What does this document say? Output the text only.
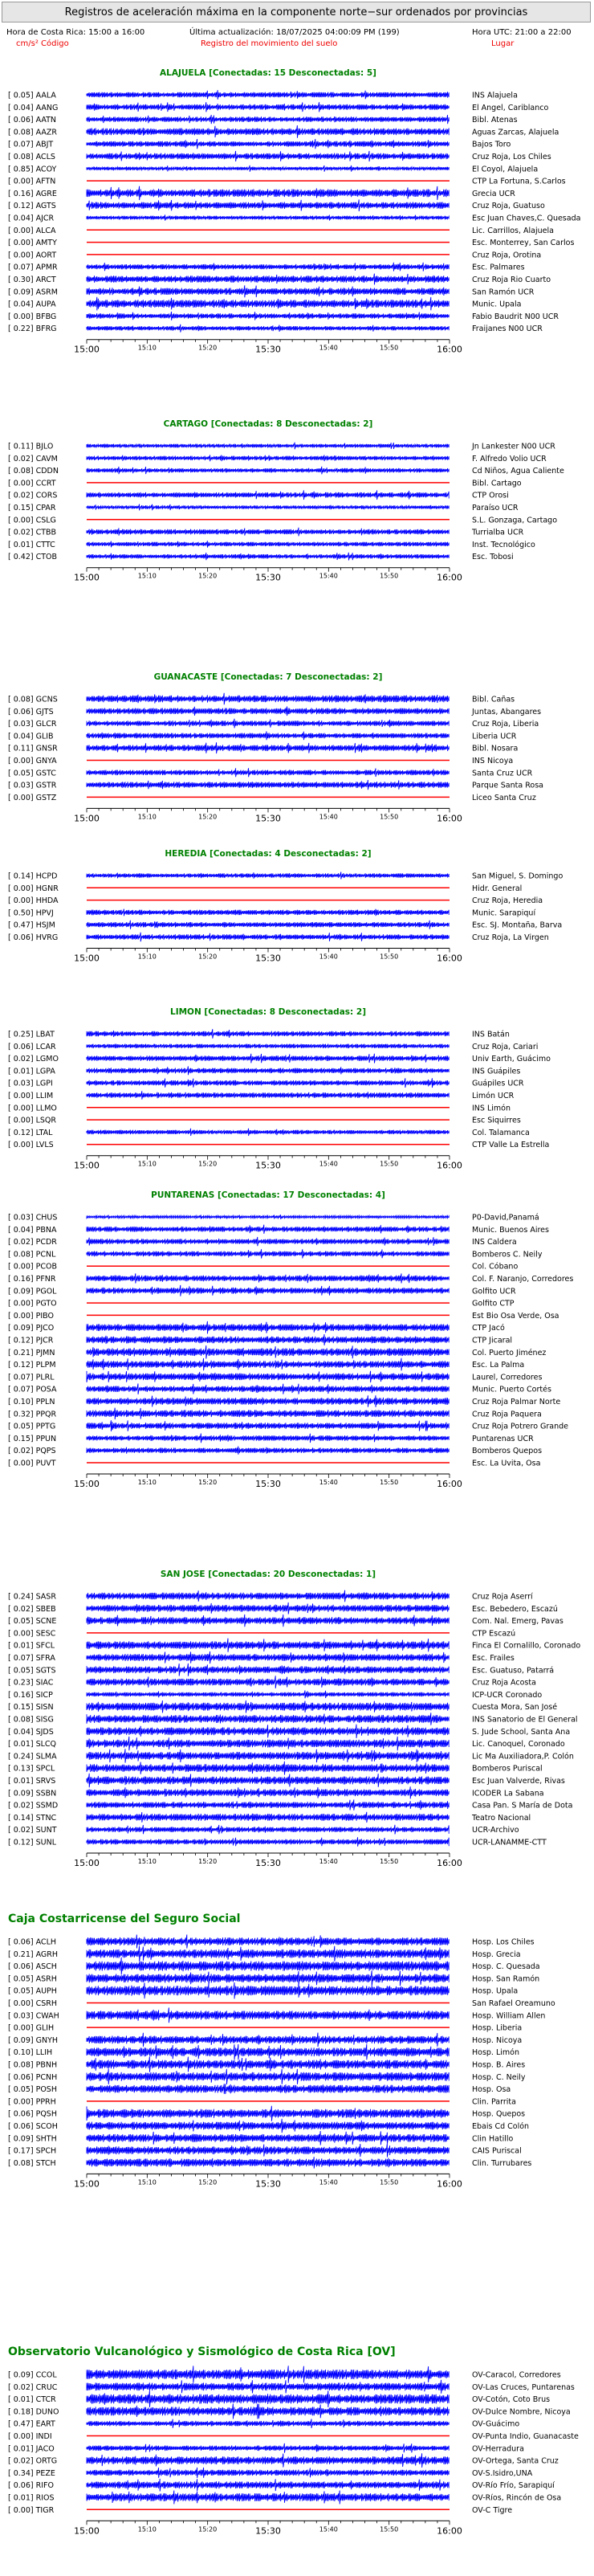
Registros de aceleración máxima en la componente norte−sur ordenados por provincias
Hora de Costa Rica: 15:00 a 16:00
cm/s² Código
Última actualización: 18/07/2025 04:00:09 PM (199)
Registro del movimiento del suelo
Hora UTC: 21:00 a 22:00
Lugar
ALAJUELA [Conectadas: 15 Desconectadas: 5]
[ 0.05] AALA	INS Alajuela
[ 0.04] AANG	El Angel, Cariblanco
[ 0.06] AATN	Bibl. Atenas
[ 0.08] AAZR	Aguas Zarcas, Alajuela
[ 0.07] ABJT	Bajos Toro
[ 0.08] ACLS	Cruz Roja, Los Chiles
[ 0.85] ACOY	El Coyol, Alajuela
[ 0.00] AFTN	CTP La Fortuna, S.Carlos
[ 0.16] AGRE	Grecia UCR
[ 0.12] AGTS	Cruz Roja, Guatuso
[ 0.04] AJCR	Esc Juan Chaves,C. Quesada
[ 0.00] ALCA	Lic. Carrillos, Alajuela
[ 0.00] AMTY	Esc. Monterrey, San Carlos
[ 0.00] AORT	Cruz Roja, Orotina
[ 0.07] APMR	Esc. Palmares
[ 0.30] ARCT	Cruz Roja Rio Cuarto
[ 0.09] ASRM	San Ramón UCR
[ 0.04] AUPA	Munic. Upala
[ 0.00] BFBG	Fabio Baudrit N00 UCR
[ 0.22] BFRG	Fraijanes N00 UCR
15:00	15:10	15:20	15:30	15:40	15:50	16:00
CARTAGO [Conectadas: 8 Desconectadas: 2]
[ 0.11] BJLO	Jn Lankester N00 UCR
[ 0.02] CAVM	F. Alfredo Volio UCR
[ 0.08] CDDN	Cd Niños, Agua Caliente
[ 0.00] CCRT	Bibl. Cartago
[ 0.02] CORS	CTP Orosi
[ 0.15] CPAR	Paraíso UCR
[ 0.00] CSLG	S.L. Gonzaga, Cartago
[ 0.02] CTBB	Turrialba UCR
[ 0.01] CTTC	Inst. Tecnológico
[ 0.42] CTOB	Esc. Tobosi
15:00	15:10	15:20	15:30	15:40	15:50	16:00
GUANACASTE [Conectadas: 7 Desconectadas: 2]
[ 0.08] GCNS	Bibl. Cañas
[ 0.06] GJTS	Juntas, Abangares
[ 0.03] GLCR	Cruz Roja, Liberia
[ 0.04] GLIB	Liberia UCR
[ 0.11] GNSR	Bibl. Nosara
[ 0.00] GNYA	INS Nicoya
[ 0.05] GSTC	Santa Cruz UCR
[ 0.03] GSTR	Parque Santa Rosa
[ 0.00] GSTZ	Liceo Santa Cruz
15:00	15:10	15:20	15:30	15:40	15:50	16:00
HEREDIA [Conectadas: 4 Desconectadas: 2]
[ 0.14] HCPD	San Miguel, S. Domingo
[ 0.00] HGNR	Hidr. General
[ 0.00] HHDA	Cruz Roja, Heredia
[ 0.50] HPVJ	Munic. Sarapiquí
[ 0.47] HSJM	Esc. SJ. Montaña, Barva
[ 0.06] HVRG	Cruz Roja, La Virgen
15:00	15:10	15:20	15:30	15:40	15:50	16:00
LIMON [Conectadas: 8 Desconectadas: 2]
[ 0.25] LBAT	INS Batán
[ 0.06] LCAR	Cruz Roja, Cariari
[ 0.02] LGMO	Univ Earth, Guácimo
[ 0.01] LGPA	INS Guápiles
[ 0.03] LGPI	Guápiles UCR
[ 0.00] LLIM	Limón UCR
[ 0.00] LLMO	INS Limón
[ 0.00] LSQR	Esc Siquirres
[ 0.12] LTAL	Col. Talamanca
[ 0.00] LVLS	CTP Valle La Estrella
15:00	15:10	15:20	15:30	15:40	15:50	16:00
PUNTARENAS [Conectadas: 17 Desconectadas: 4]
[ 0.03] CHUS	P0-David,Panamá
[ 0.04] PBNA	Munic. Buenos Aires
[ 0.02] PCDR	INS Caldera
[ 0.08] PCNL	Bomberos C. Neily
[ 0.00] PCOB	Col. Cóbano
[ 0.16] PFNR	Col. F. Naranjo, Corredores
[ 0.09] PGOL	Golfito UCR
[ 0.00] PGTO	Golfito CTP
[ 0.00] PIBO	Est Bio Osa Verde, Osa
[ 0.09] PJCO	CTP Jacó
[ 0.12] PJCR	CTP Jicaral
[ 0.21] PJMN	Col. Puerto Jiménez
[ 0.12] PLPM	Esc. La Palma
[ 0.07] PLRL	Laurel, Corredores
[ 0.07] POSA	Munic. Puerto Cortés
[ 0.10] PPLN	Cruz Roja Palmar Norte
[ 0.32] PPQR	Cruz Roja Paquera
[ 0.05] PPTG	Cruz Roja Potrero Grande
[ 0.15] PPUN	Puntarenas UCR
[ 0.02] PQPS	Bomberos Quepos
[ 0.00] PUVT	Esc. La Uvita, Osa
15:00	15:10	15:20	15:30	15:40	15:50	16:00
SAN JOSE [Conectadas: 20 Desconectadas: 1]
[ 0.24] SASR	Cruz Roja Aserrí
[ 0.02] SBEB	Esc. Bebedero, Escazú
[ 0.05] SCNE	Com. Nal. Emerg, Pavas
[ 0.00] SESC	CTP Escazú
[ 0.01] SFCL	Finca El Cornalillo, Coronado
[ 0.07] SFRA	Esc. Frailes
[ 0.05] SGTS	Esc. Guatuso, Patarrá
[ 0.23] SIAC	Cruz Roja Acosta
[ 0.16] SICP	ICP-UCR Coronado
[ 0.15] SISN	Cuesta Mora, San José
[ 0.08] SISG	INS Sanatorio de El General
[ 0.04] SJDS	S. Jude School, Santa Ana
[ 0.01] SLCQ	Lic. Canoquel, Coronado
[ 0.24] SLMA	Lic Ma Auxiliadora,P. Colón
[ 0.13] SPCL	Bomberos Puriscal
[ 0.01] SRVS	Esc Juan Valverde, Rivas
[ 0.09] SSBN	ICODER La Sabana
[ 0.02] SSMD	Casa Pan. S María de Dota
[ 0.14] STNC	Teatro Nacional
[ 0.02] SUNT	UCR-Archivo
[ 0.12] SUNL	UCR-LANAMME-CTT
15:00	15:10	15:20	15:30	15:40	15:50	16:00
Caja Costarricense del Seguro Social
[ 0.06] ACLH	Hosp. Los Chiles
[ 0.21] AGRH	Hosp. Grecia
[ 0.06] ASCH	Hosp. C. Quesada
[ 0.05] ASRH	Hosp. San Ramón
[ 0.05] AUPH	Hosp. Upala
[ 0.00] CSRH	San Rafael Oreamuno
[ 0.03] CWAH	Hosp. William Allen
[ 0.00] GLIH	Hosp. Liberia
[ 0.09] GNYH	Hosp. Nicoya
[ 0.10] LLIH	Hosp. Limón
[ 0.08] PBNH	Hosp. B. Aires
[ 0.06] PCNH	Hosp. C. Neily
[ 0.05] POSH	Hosp. Osa
[ 0.00] PPRH	Clin. Parrita
[ 0.06] PQSH	Hosp. Quepos
[ 0.06] SCOH	Ebais Cd Colón
[ 0.09] SHTH	Clin Hatillo
[ 0.17] SPCH	CAIS Puriscal
[ 0.08] STCH	Clin. Turrubares
15:00	15:10	15:20	15:30	15:40	15:50	16:00
Observatorio Vulcanológico y Sismológico de Costa Rica [OV]
[ 0.09] CCOL	OV-Caracol, Corredores
[ 0.02] CRUC	OV-Las Cruces, Puntarenas
[ 0.01] CTCR	OV-Cotón, Coto Brus
[ 0.18] DUNO	OV-Dulce Nombre, Nicoya
[ 0.47] EART	OV-Guácimo
[ 0.00] INDI	OV-Punta Indio, Guanacaste
[ 0.01] JACO	OV-Herradura
[ 0.02] ORTG	OV-Ortega, Santa Cruz
[ 0.34] PEZE	OV-S.Isidro,UNA
[ 0.06] RIFO	OV-Río Frío, Sarapiquí
[ 0.01] RIOS	OV-Ríos, Rincón de Osa
[ 0.00] TIGR	OV-C Tigre
15:00	15:10	15:20	15:30	15:40	15:50	16:00
